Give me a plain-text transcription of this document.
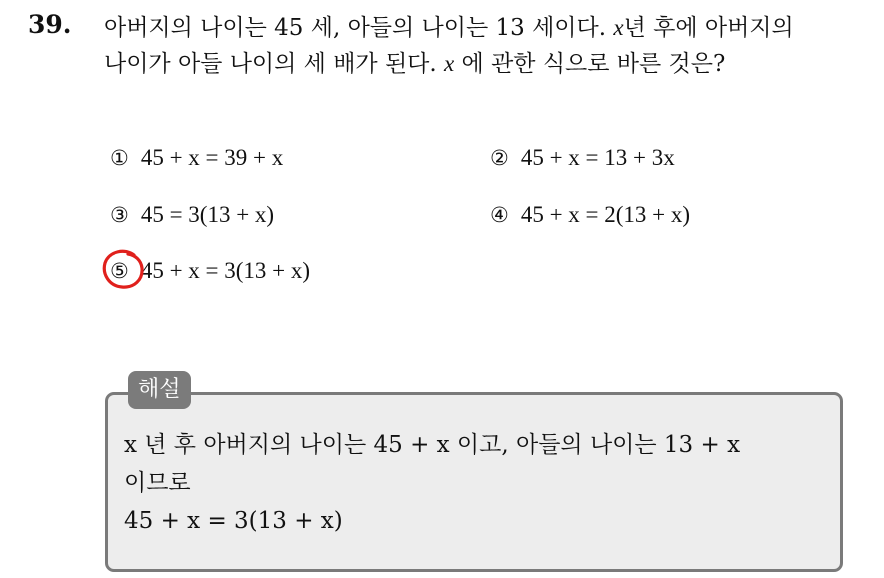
39. 아버지의 나이는 45 세, 아들의 나이는 13 세이다. x년 후에 아버지의
나이가 아들 나이의 세 배가 된다. x 에 관한 식으로 바른 것은?
① 45 + x = 39 + x	② 45 + x = 13 + 3x
③ 45 = 3(13 + x)	④ 45 + x = 2(13 + x)
⑤ 45 + x = 3(13 + x)
해설
x 년 후 아버지의 나이는 45 + x 이고, 아들의 나이는 13 + x
이므로
45 + x = 3(13 + x)
